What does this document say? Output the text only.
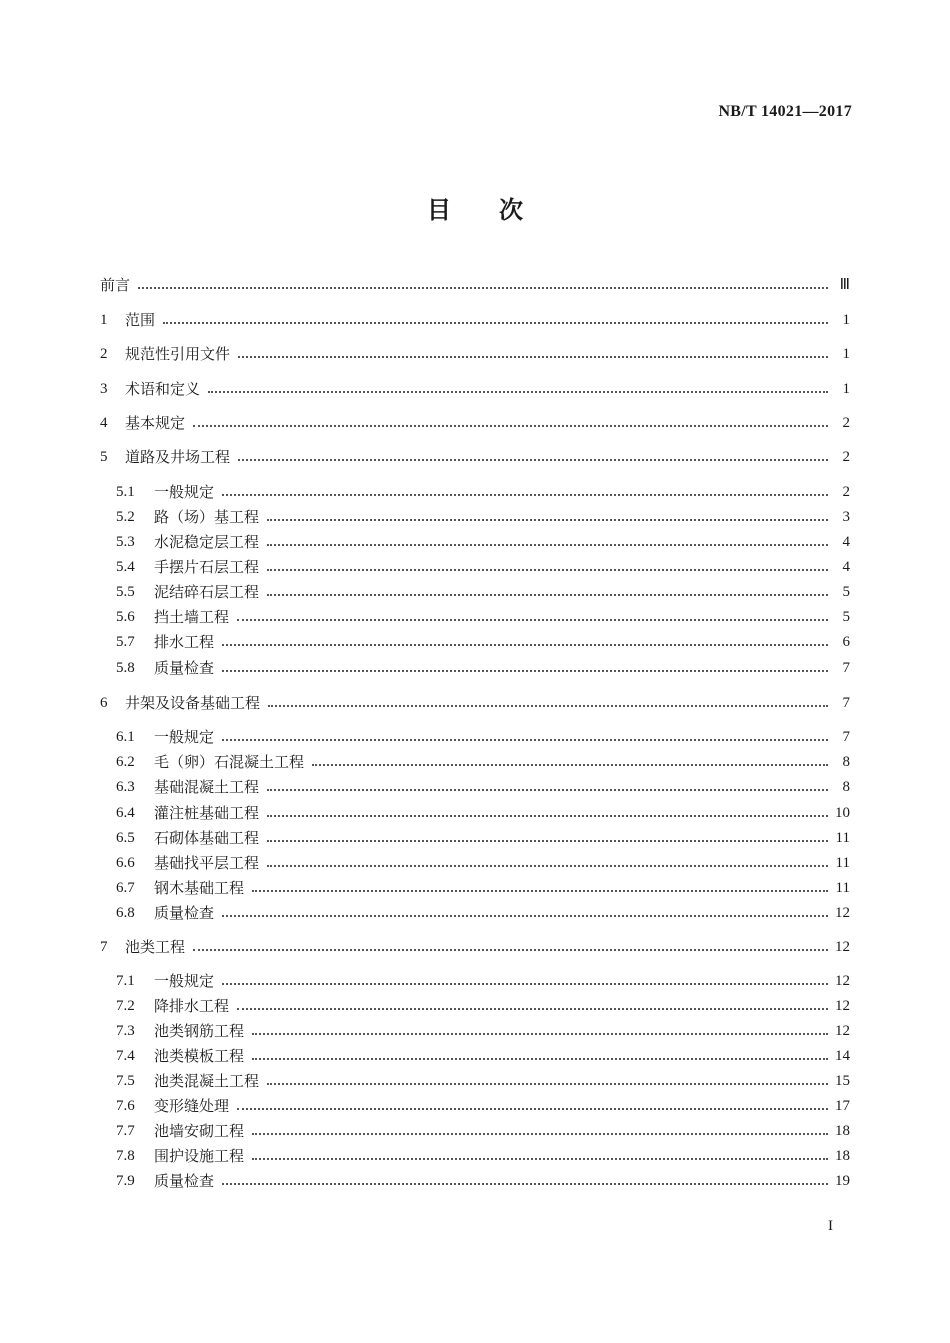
NB/T 14021—2017
目 次
前言	Ⅲ
1	范围	1
2	规范性引用文件	1
3	术语和定义	1
4	基本规定	2
5	道路及井场工程	2
5.1	一般规定	2
5.2	路（场）基工程	3
5.3	水泥稳定层工程	4
5.4	手摆片石层工程	4
5.5	泥结碎石层工程	5
5.6	挡土墙工程	5
5.7	排水工程	6
5.8	质量检查	7
6	井架及设备基础工程	7
6.1	一般规定	7
6.2	毛（卵）石混凝土工程	8
6.3	基础混凝土工程	8
6.4	灌注桩基础工程	10
6.5	石砌体基础工程	11
6.6	基础找平层工程	11
6.7	钢木基础工程	11
6.8	质量检查	12
7	池类工程	12
7.1	一般规定	12
7.2	降排水工程	12
7.3	池类钢筋工程	12
7.4	池类模板工程	14
7.5	池类混凝土工程	15
7.6	变形缝处理	17
7.7	池墙安砌工程	18
7.8	围护设施工程	18
7.9	质量检查	19
I
